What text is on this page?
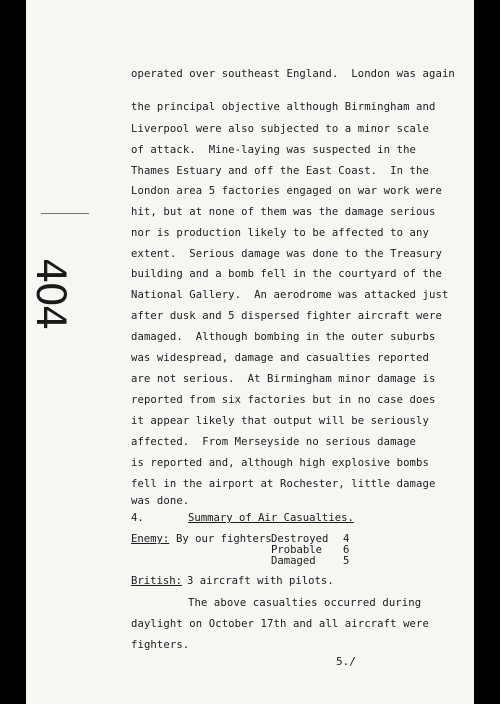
404
operated over southeast England.  London was again
the principal objective although Birmingham and
Liverpool were also subjected to a minor scale
of attack.  Mine-laying was suspected in the
Thames Estuary and off the East Coast.  In the
London area 5 factories engaged on war work were
hit, but at none of them was the damage serious
nor is production likely to be affected to any
extent.  Serious damage was done to the Treasury
building and a bomb fell in the courtyard of the
National Gallery.  An aerodrome was attacked just
after dusk and 5 dispersed fighter aircraft were
damaged.  Although bombing in the outer suburbs
was widespread, damage and casualties reported
are not serious.  At Birmingham minor damage is
reported from six factories but in no case does
it appear likely that output will be seriously
affected.  From Merseyside no serious damage
is reported and, although high explosive bombs
fell in the airport at Rochester, little damage
was done.
4.	Summary of Air Casualties.
Enemy: By our fighters Destroyed 4
Probable 6
Damaged	5
British: 3 aircraft with pilots.
The above casualties occurred during
daylight on October 17th and all aircraft were
fighters.
5./
